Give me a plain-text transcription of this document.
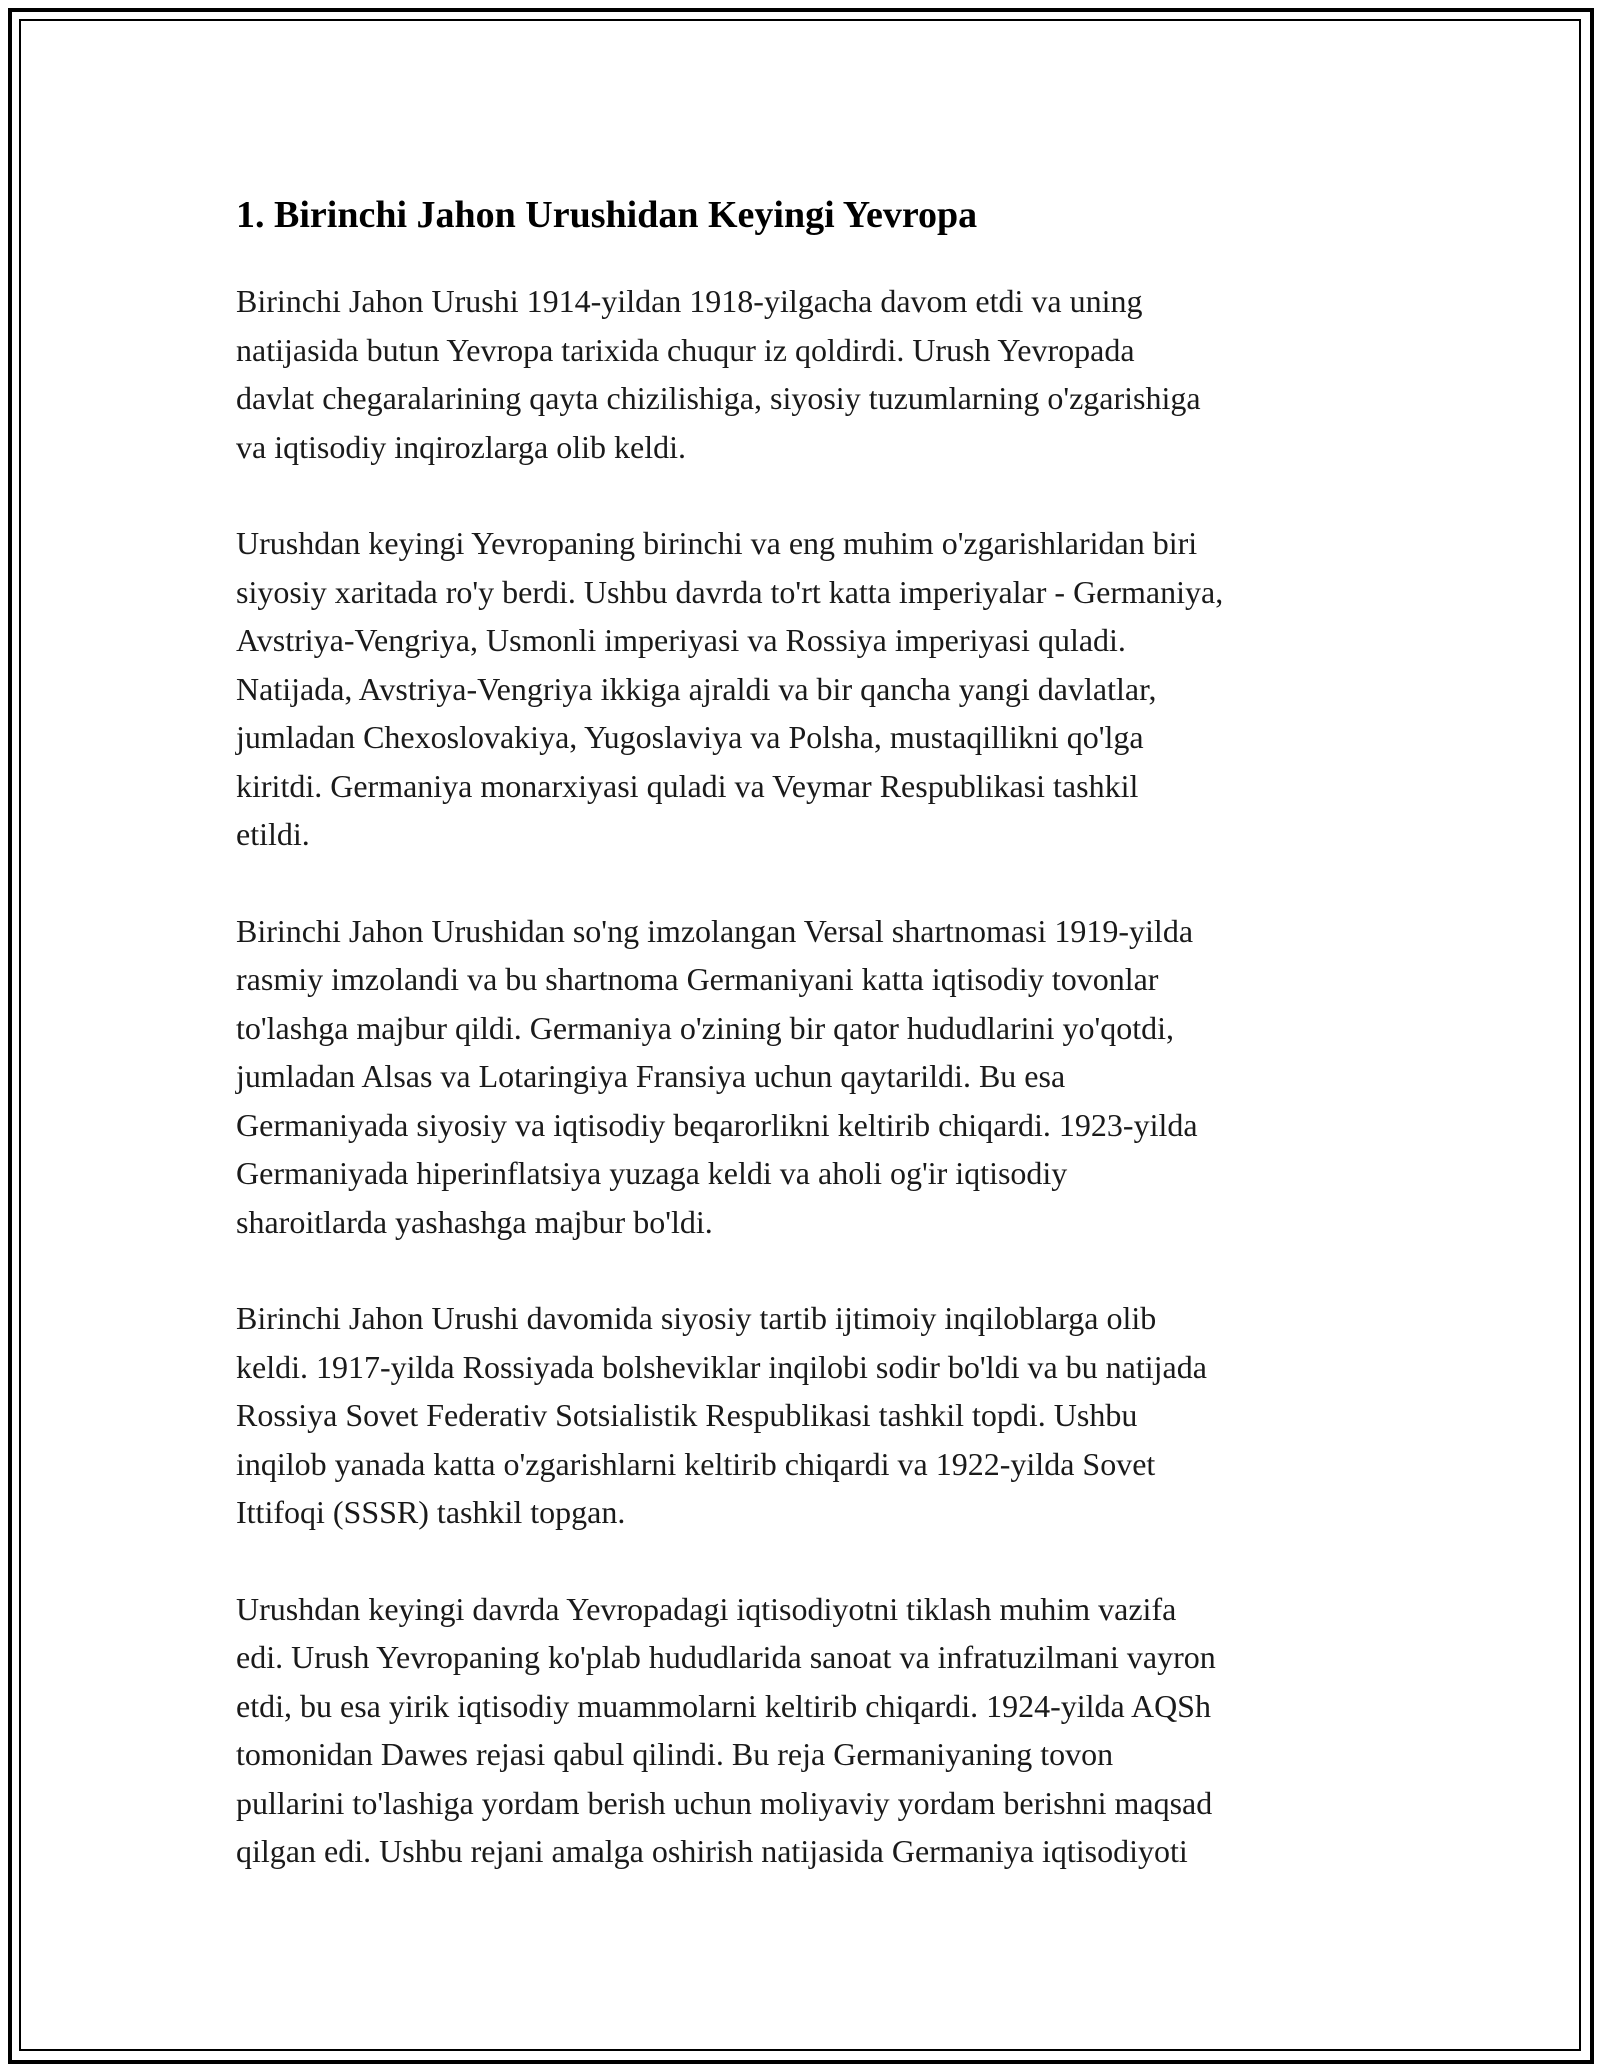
1. Birinchi Jahon Urushidan Keyingi Yevropa

Birinchi Jahon Urushi 1914-yildan 1918-yilgacha davom etdi va uning
natijasida butun Yevropa tarixida chuqur iz qoldirdi. Urush Yevropada
davlat chegaralarining qayta chizilishiga, siyosiy tuzumlarning o'zgarishiga
va iqtisodiy inqirozlarga olib keldi.

Urushdan keyingi Yevropaning birinchi va eng muhim o'zgarishlaridan biri
siyosiy xaritada ro'y berdi. Ushbu davrda to'rt katta imperiyalar - Germaniya,
Avstriya-Vengriya, Usmonli imperiyasi va Rossiya imperiyasi quladi.
Natijada, Avstriya-Vengriya ikkiga ajraldi va bir qancha yangi davlatlar,
jumladan Chexoslovakiya, Yugoslaviya va Polsha, mustaqillikni qo'lga
kiritdi. Germaniya monarxiyasi quladi va Veymar Respublikasi tashkil
etildi.

Birinchi Jahon Urushidan so'ng imzolangan Versal shartnomasi 1919-yilda
rasmiy imzolandi va bu shartnoma Germaniyani katta iqtisodiy tovonlar
to'lashga majbur qildi. Germaniya o'zining bir qator hududlarini yo'qotdi,
jumladan Alsas va Lotaringiya Fransiya uchun qaytarildi. Bu esa
Germaniyada siyosiy va iqtisodiy beqarorlikni keltirib chiqardi. 1923-yilda
Germaniyada hiperinflatsiya yuzaga keldi va aholi og'ir iqtisodiy
sharoitlarda yashashga majbur bo'ldi.

Birinchi Jahon Urushi davomida siyosiy tartib ijtimoiy inqiloblarga olib
keldi. 1917-yilda Rossiyada bolsheviklar inqilobi sodir bo'ldi va bu natijada
Rossiya Sovet Federativ Sotsialistik Respublikasi tashkil topdi. Ushbu
inqilob yanada katta o'zgarishlarni keltirib chiqardi va 1922-yilda Sovet
Ittifoqi (SSSR) tashkil topgan.

Urushdan keyingi davrda Yevropadagi iqtisodiyotni tiklash muhim vazifa
edi. Urush Yevropaning ko'plab hududlarida sanoat va infratuzilmani vayron
etdi, bu esa yirik iqtisodiy muammolarni keltirib chiqardi. 1924-yilda AQSh
tomonidan Dawes rejasi qabul qilindi. Bu reja Germaniyaning tovon
pullarini to'lashiga yordam berish uchun moliyaviy yordam berishni maqsad
qilgan edi. Ushbu rejani amalga oshirish natijasida Germaniya iqtisodiyoti
